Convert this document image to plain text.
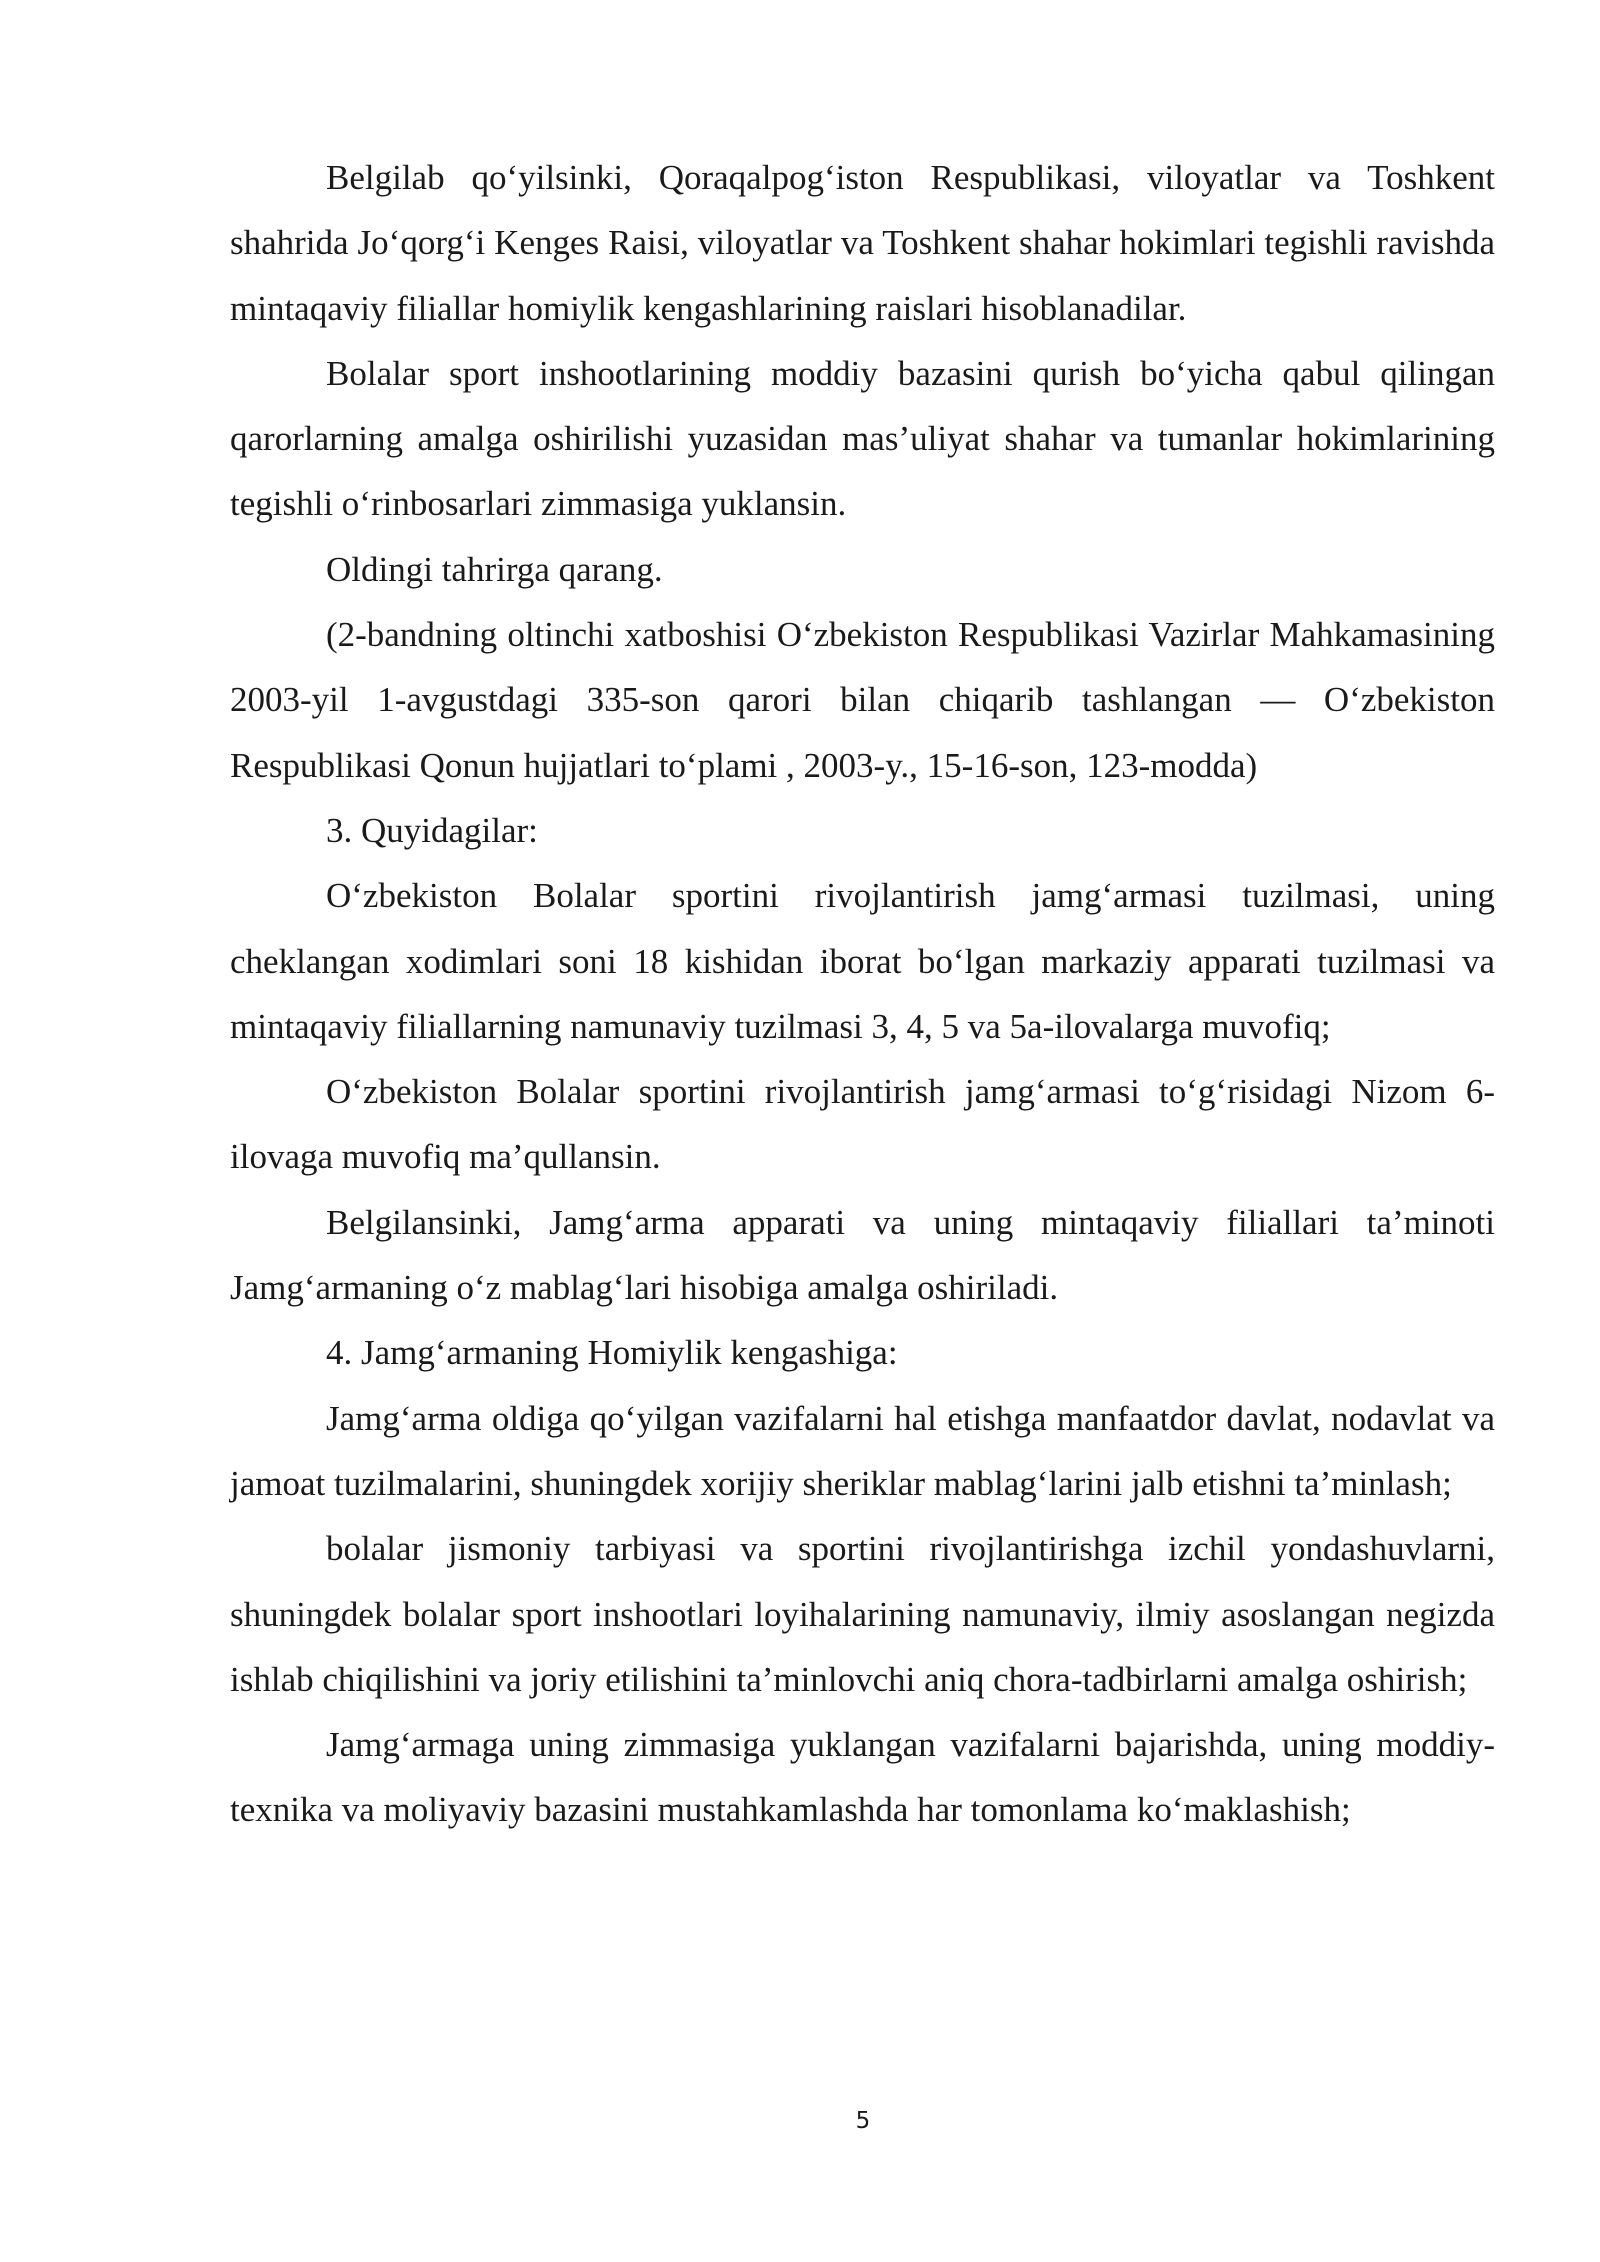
Belgilab qo‘yilsinki, Qoraqalpog‘iston Respublikasi, viloyatlar va Toshkent shahrida Jo‘qorg‘i Kenges Raisi, viloyatlar va Toshkent shahar hokimlari tegishli ravishda mintaqaviy filiallar homiylik kengashlarining raislari hisoblanadilar.

Bolalar sport inshootlarining moddiy bazasini qurish bo‘yicha qabul qilingan qarorlarning amalga oshirilishi yuzasidan mas’uliyat shahar va tumanlar hokimlarining tegishli o‘rinbosarlari zimmasiga yuklansin.

Oldingi tahrirga qarang.

(2-bandning oltinchi xatboshisi O‘zbekiston Respublikasi Vazirlar Mahkamasining 2003-yil 1-avgustdagi 335-son qarori bilan chiqarib tashlangan — O‘zbekiston Respublikasi Qonun hujjatlari to‘plami , 2003-y., 15-16-son, 123-modda)

3. Quyidagilar:

O‘zbekiston Bolalar sportini rivojlantirish jamg‘armasi tuzilmasi, uning cheklangan xodimlari soni 18 kishidan iborat bo‘lgan markaziy apparati tuzilmasi va mintaqaviy filiallarning namunaviy tuzilmasi 3, 4, 5 va 5a-ilovalarga muvofiq;

O‘zbekiston Bolalar sportini rivojlantirish jamg‘armasi to‘g‘risidagi Nizom 6-ilovaga muvofiq ma’qullansin.

Belgilansinki, Jamg‘arma apparati va uning mintaqaviy filiallari ta’minoti Jamg‘armaning o‘z mablag‘lari hisobiga amalga oshiriladi.

4. Jamg‘armaning Homiylik kengashiga:

Jamg‘arma oldiga qo‘yilgan vazifalarni hal etishga manfaatdor davlat, nodavlat va jamoat tuzilmalarini, shuningdek xorijiy sheriklar mablag‘larini jalb etishni ta’minlash;

bolalar jismoniy tarbiyasi va sportini rivojlantirishga izchil yondashuvlarni, shuningdek bolalar sport inshootlari loyihalarining namunaviy, ilmiy asoslangan negizda ishlab chiqilishini va joriy etilishini ta’minlovchi aniq chora-tadbirlarni amalga oshirish;

Jamg‘armaga uning zimmasiga yuklangan vazifalarni bajarishda, uning moddiy-texnika va moliyaviy bazasini mustahkamlashda har tomonlama ko‘maklashish;

5
